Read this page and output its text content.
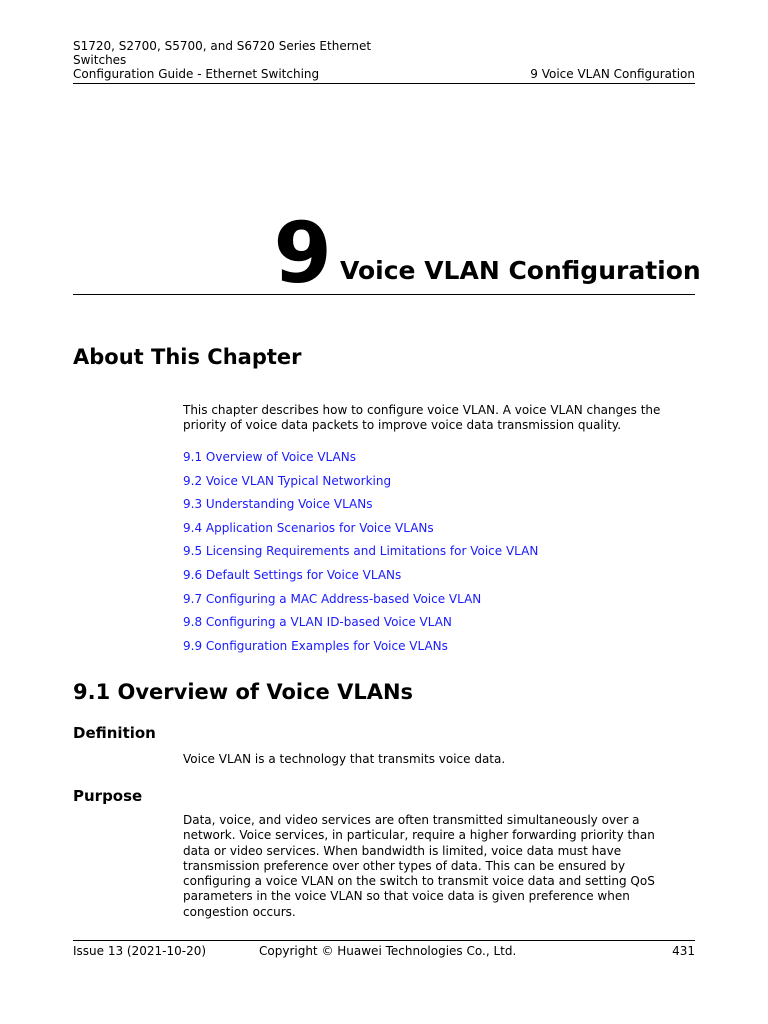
S1720, S2700, S5700, and S6720 Series Ethernet
Switches
Configuration Guide - Ethernet Switching	9 Voice VLAN Configuration
9 Voice VLAN Configuration
About This Chapter
This chapter describes how to configure voice VLAN. A voice VLAN changes the priority of voice data packets to improve voice data transmission quality.
9.1 Overview of Voice VLANs
9.2 Voice VLAN Typical Networking
9.3 Understanding Voice VLANs
9.4 Application Scenarios for Voice VLANs
9.5 Licensing Requirements and Limitations for Voice VLAN
9.6 Default Settings for Voice VLANs
9.7 Configuring a MAC Address-based Voice VLAN
9.8 Configuring a VLAN ID-based Voice VLAN
9.9 Configuration Examples for Voice VLANs
9.1 Overview of Voice VLANs
Definition
Voice VLAN is a technology that transmits voice data.
Purpose
Data, voice, and video services are often transmitted simultaneously over a network. Voice services, in particular, require a higher forwarding priority than data or video services. When bandwidth is limited, voice data must have transmission preference over other types of data. This can be ensured by configuring a voice VLAN on the switch to transmit voice data and setting QoS parameters in the voice VLAN so that voice data is given preference when congestion occurs.
Issue 13 (2021-10-20)	Copyright © Huawei Technologies Co., Ltd.	431
